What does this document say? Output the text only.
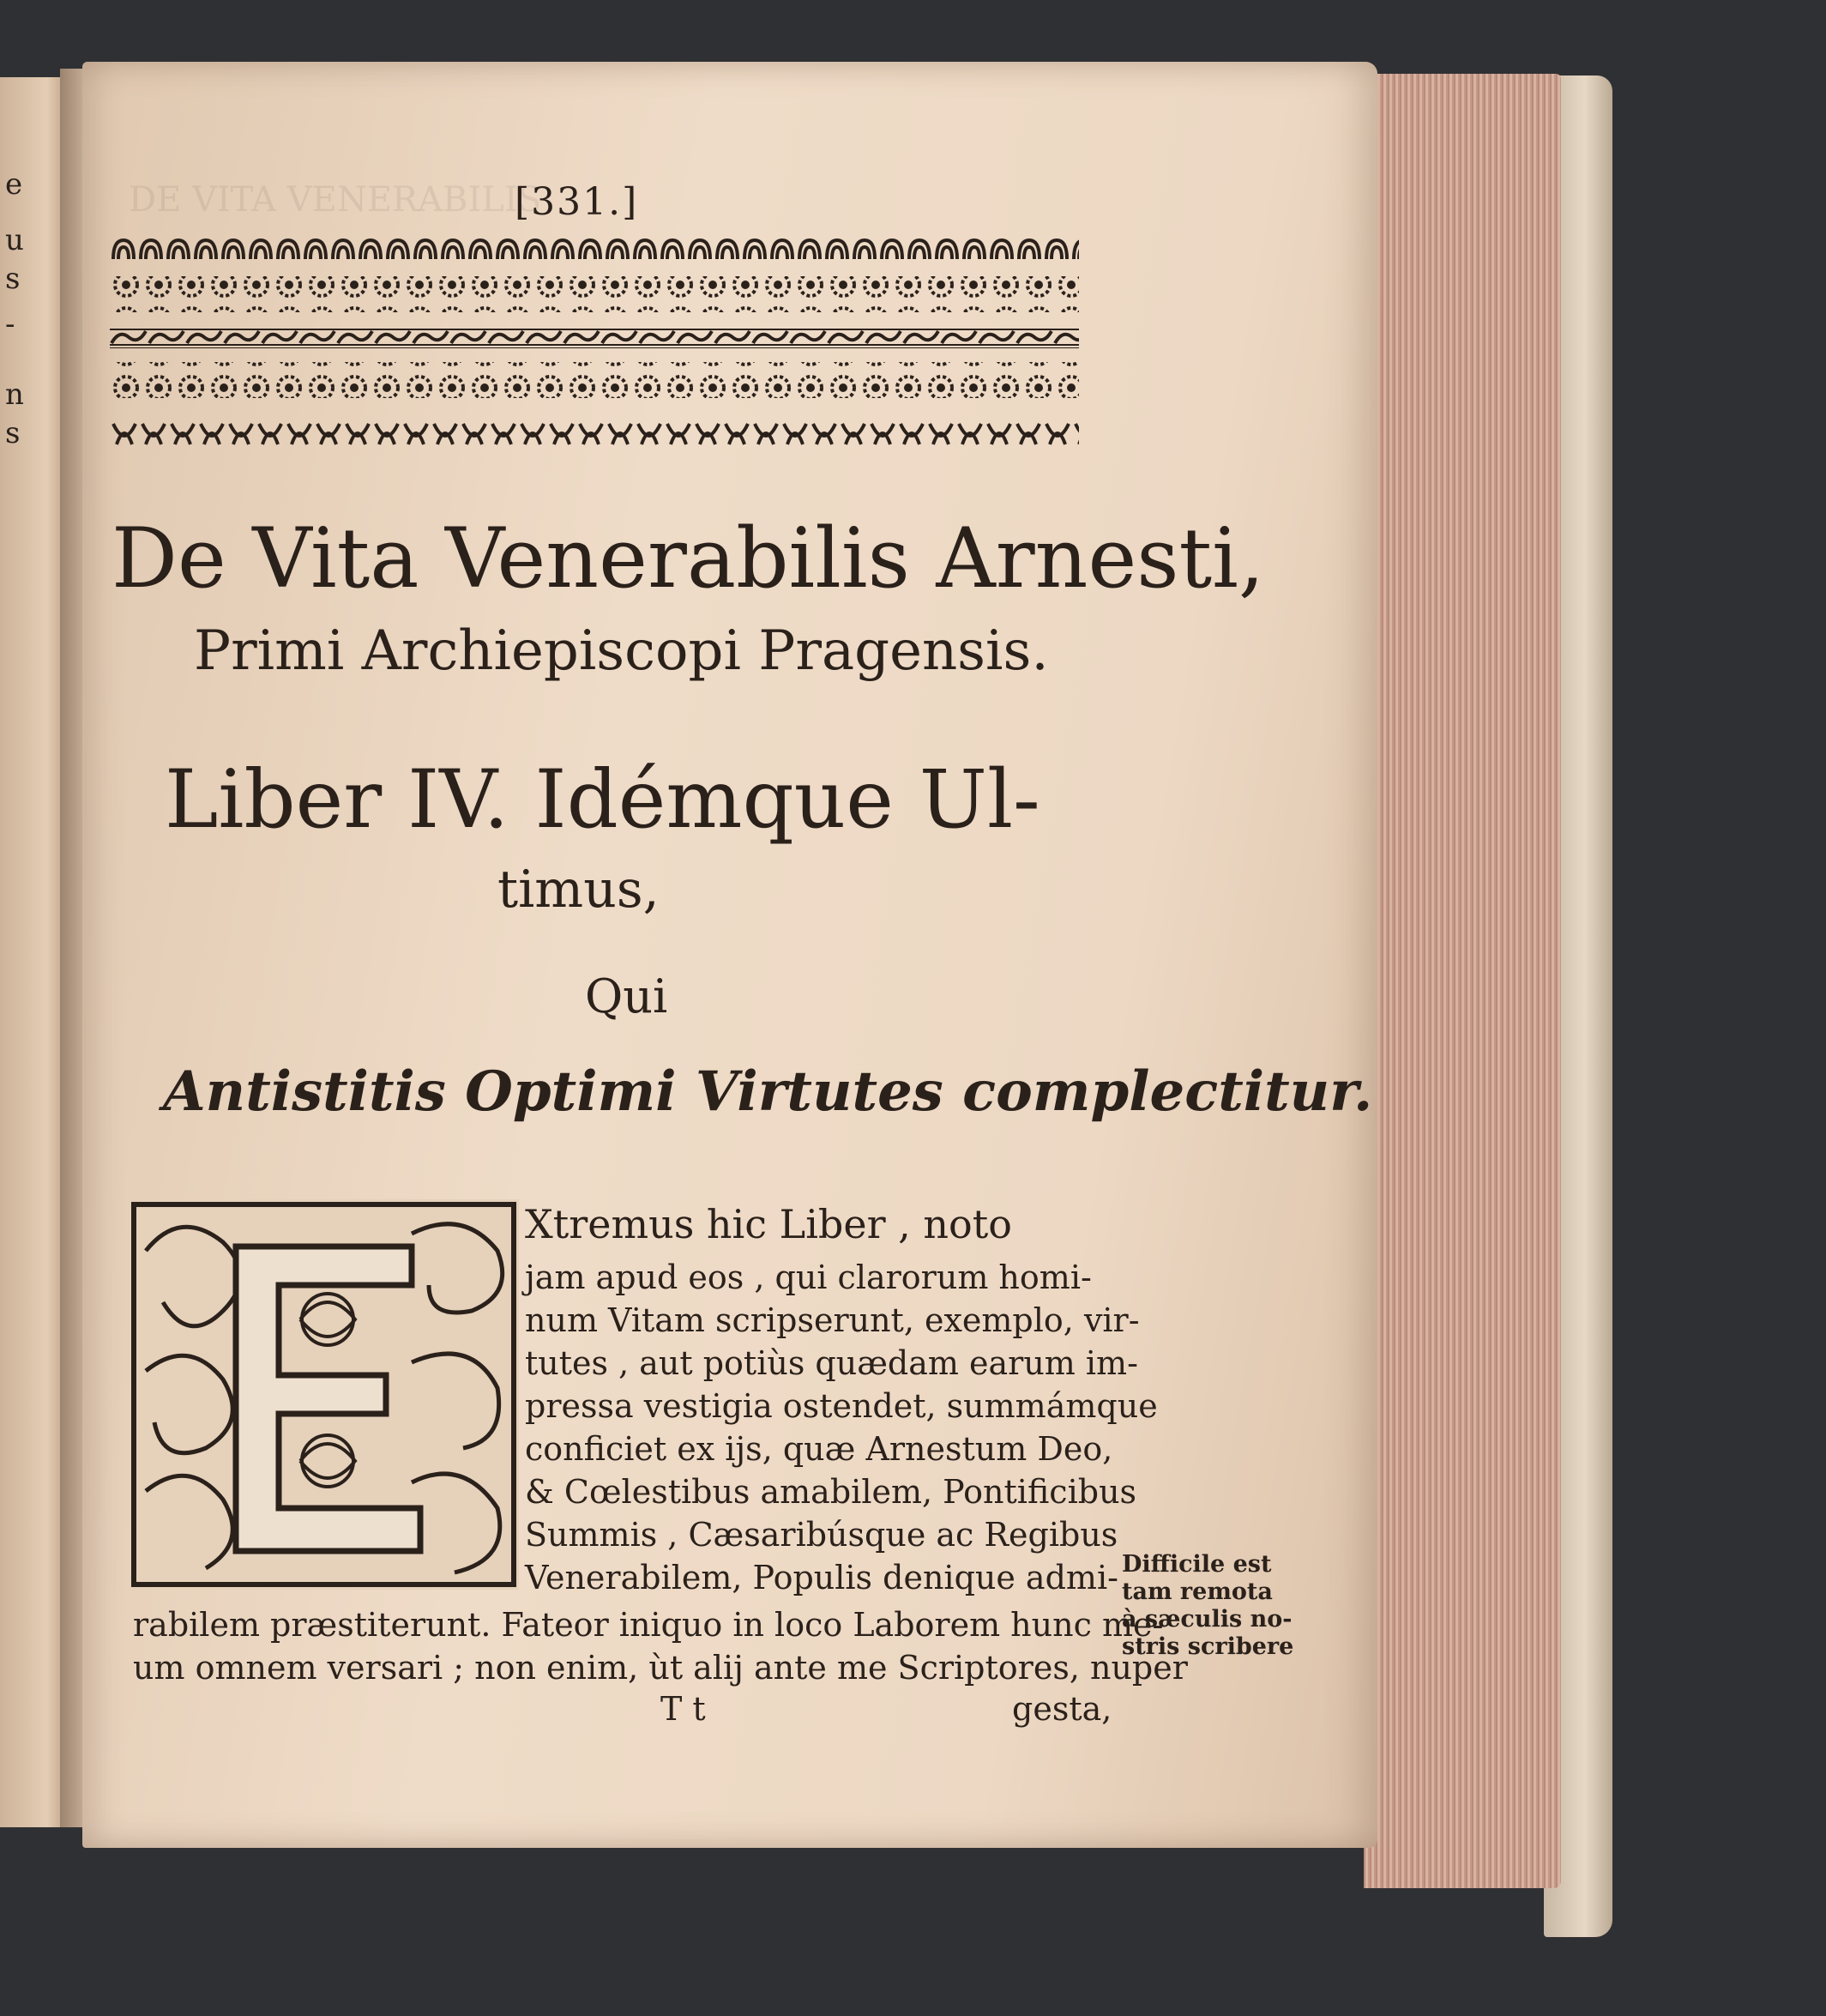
e
u
s
-
n
s
DE VITA VENERABILIS

[331.]
De Vita Venerabilis Arnesti,
Primi Archiepiscopi Pragensis.
Liber IV. Idémque Ul-
timus,
Qui
Antistitis Optimi Virtutes complectitur.
Xtremus hic Liber , noto
jam apud eos , qui clarorum homi-
num Vitam scripserunt, exemplo, vir-
tutes , aut potiùs quædam earum im-
pressa vestigia ostendet, summámque
conficiet ex ijs, quæ Arnestum Deo,
& Cœlestibus amabilem, Pontificibus
Summis , Cæsaribúsque ac Regibus
Venerabilem, Populis denique admi-
rabilem præstiterunt. Fateor iniquo in loco Laborem hunc me-
um omnem versari ; non enim, ùt alij ante me Scriptores, nuper
T t	gesta,
Difficile est
tam remota
à sæculis no-
stris scribere
